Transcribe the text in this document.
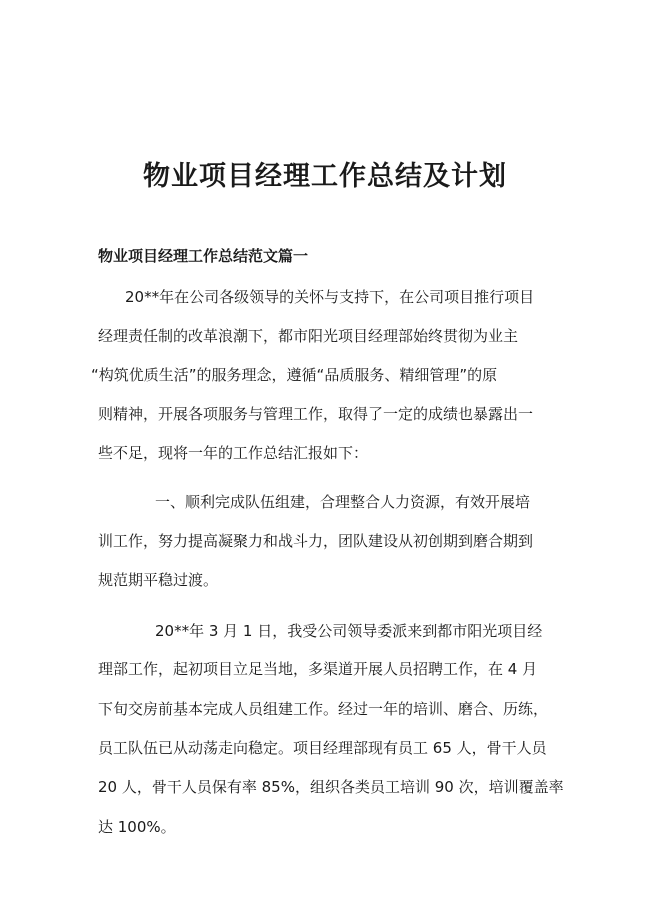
物业项目经理工作总结及计划
物业项目经理工作总结范文篇一

20**年在公司各级领导的关怀与支持下，在公司项目推行项目

经理责任制的改革浪潮下，都市阳光项目经理部始终贯彻为业主

“构筑优质生活”的服务理念，遵循“品质服务、精细管理”的原

则精神，开展各项服务与管理工作，取得了一定的成绩也暴露出一

些不足，现将一年的工作总结汇报如下：

一、顺利完成队伍组建，合理整合人力资源，有效开展培

训工作，努力提高凝聚力和战斗力，团队建设从初创期到磨合期到

规范期平稳过渡。

20**年 3 月 1 日，我受公司领导委派来到都市阳光项目经

理部工作，起初项目立足当地，多渠道开展人员招聘工作，在 4 月

下旬交房前基本完成人员组建工作。经过一年的培训、磨合、历练，

员工队伍已从动荡走向稳定。项目经理部现有员工 65 人，骨干人员

20 人，骨干人员保有率 85%，组织各类员工培训 90 次，培训覆盖率

达 100%。
